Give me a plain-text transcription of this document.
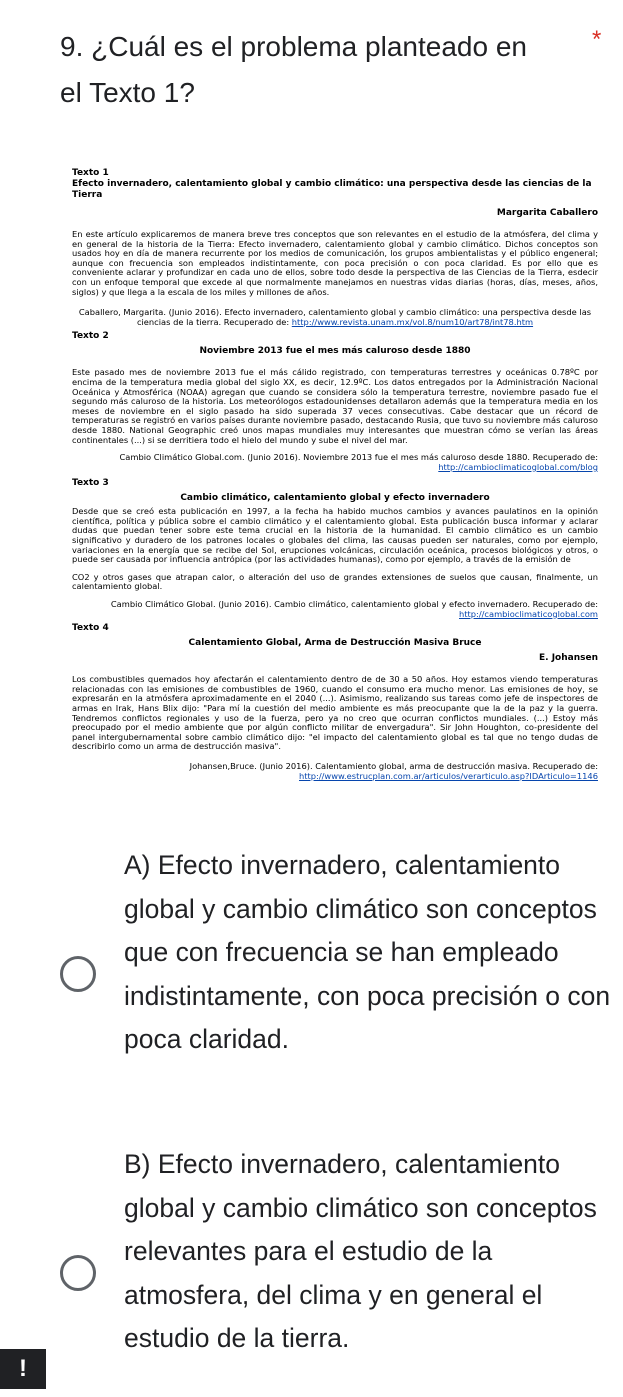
9. ¿Cuál es el problema planteado en el Texto 1?
*

Texto 1

Efecto invernadero, calentamiento global y cambio climático: una perspectiva desde las ciencias de la Tierra

Margarita Caballero

En este artículo explicaremos de manera breve tres conceptos que son relevantes en el estudio de la atmósfera, del clima y en general de la historia de la Tierra: Efecto invernadero, calentamiento global y cambio climático. Dichos conceptos son usados hoy en día de manera recurrente por los medios de comunicación, los grupos ambientalistas y el público engeneral; aunque con frecuencia son empleados indistintamente, con poca precisión o con poca claridad. Es por ello que es conveniente aclarar y profundizar en cada uno de ellos, sobre todo desde la perspectiva de las Ciencias de la Tierra, esdecir con un enfoque temporal que excede al que normalmente manejamos en nuestras vidas diarias (horas, días, meses, años, siglos) y que llega a la escala de los miles y millones de años.

Caballero, Margarita. (Junio 2016). Efecto invernadero, calentamiento global y cambio climático: una perspectiva desde las ciencias de la tierra. Recuperado de: http://www.revista.unam.mx/vol.8/num10/art78/int78.htm

Texto 2

Noviembre 2013 fue el mes más caluroso desde 1880

Este pasado mes de noviembre 2013 fue el más cálido registrado, con temperaturas terrestres y oceánicas 0.78ºC por encima de la temperatura media global del siglo XX, es decir, 12.9ºC. Los datos entregados por la Administración Nacional Oceánica y Atmosférica (NOAA) agregan que cuando se considera sólo la temperatura terrestre, noviembre pasado fue el segundo más caluroso de la historia. Los meteorólogos estadounidenses detallaron además que la temperatura media en los meses de noviembre en el siglo pasado ha sido superada 37 veces consecutivas. Cabe destacar que un récord de temperaturas se registró en varios países durante noviembre pasado, destacando Rusia, que tuvo su noviembre más caluroso desde 1880. National Geographic creó unos mapas mundiales muy interesantes que muestran cómo se verían las áreas continentales (...) si se derritiera todo el hielo del mundo y sube el nivel del mar.

Cambio Climático Global.com. (Junio 2016). Noviembre 2013 fue el mes más caluroso desde 1880. Recuperado de:

http://cambioclimaticoglobal.com/blog

Texto 3

Cambio climático, calentamiento global y efecto invernadero

Desde que se creó esta publicación en 1997, a la fecha ha habido muchos cambios y avances paulatinos en la opinión científica, política y pública sobre el cambio climático y el calentamiento global. Esta publicación busca informar y aclarar dudas que puedan tener sobre este tema crucial en la historia de la humanidad. El cambio climático es un cambio significativo y duradero de los patrones locales o globales del clima, las causas pueden ser naturales, como por ejemplo, variaciones en la energía que se recibe del Sol, erupciones volcánicas, circulación oceánica, procesos biológicos y otros, o puede ser causada por influencia antrópica (por las actividades humanas), como por ejemplo, a través de la emisión de

CO2 y otros gases que atrapan calor, o alteración del uso de grandes extensiones de suelos que causan, finalmente, un calentamiento global.

Cambio Climático Global. (Junio 2016). Cambio climático, calentamiento global y efecto invernadero. Recuperado de:

http://cambioclimaticoglobal.com

Texto 4

Calentamiento Global, Arma de Destrucción Masiva Bruce

E. Johansen

Los combustibles quemados hoy afectarán el calentamiento dentro de de 30 a 50 años. Hoy estamos viendo temperaturas relacionadas con las emisiones de combustibles de 1960, cuando el consumo era mucho menor. Las emisiones de hoy, se expresarán en la atmósfera aproximadamente en el 2040 (...). Asimismo, realizando sus tareas como jefe de inspectores de armas en Irak, Hans Blix dijo: "Para mí la cuestión del medio ambiente es más preocupante que la de la paz y la guerra. Tendremos conflictos regionales y uso de la fuerza, pero ya no creo que ocurran conflictos mundiales. (...) Estoy más preocupado por el medio ambiente que por algún conflicto militar de envergadura". Sir John Houghton, co-presidente del panel intergubernamental sobre cambio climático dijo: "el impacto del calentamiento global es tal que no tengo dudas de describirlo como un arma de destrucción masiva".

Johansen,Bruce. (Junio 2016). Calentamiento global, arma de destrucción masiva. Recuperado de:

http://www.estrucplan.com.ar/articulos/verarticulo.asp?IDArticulo=1146

A) Efecto invernadero, calentamiento global y cambio climático son conceptos que con frecuencia se han empleado indistintamente, con poca precisión o con poca claridad.
B) Efecto invernadero, calentamiento global y cambio climático son conceptos relevantes para el estudio de la atmosfera, del clima y en general el estudio de la tierra.
!
